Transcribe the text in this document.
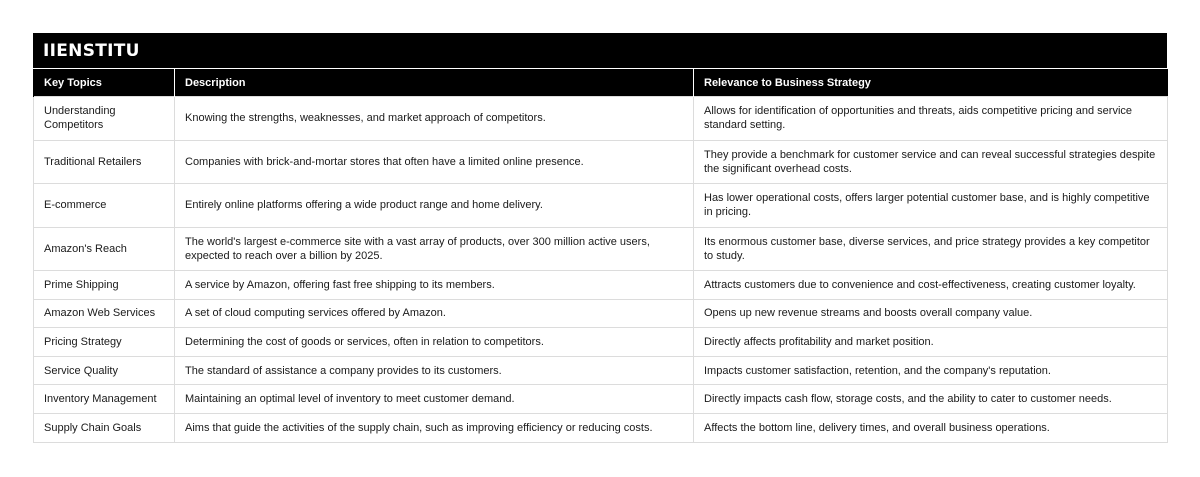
IIENSTITU
Key Topics	Description	Relevance to Business Strategy
Understanding Competitors	Knowing the strengths, weaknesses, and market approach of competitors.	Allows for identification of opportunities and threats, aids competitive pricing and service standard setting.
Traditional Retailers	Companies with brick-and-mortar stores that often have a limited online presence.	They provide a benchmark for customer service and can reveal successful strategies despite the significant overhead costs.
E-commerce	Entirely online platforms offering a wide product range and home delivery.	Has lower operational costs, offers larger potential customer base, and is highly competitive in pricing.
Amazon's Reach	The world's largest e-commerce site with a vast array of products, over 300 million active users, expected to reach over a billion by 2025.	Its enormous customer base, diverse services, and price strategy provides a key competitor to study.
Prime Shipping	A service by Amazon, offering fast free shipping to its members.	Attracts customers due to convenience and cost-effectiveness, creating customer loyalty.
Amazon Web Services	A set of cloud computing services offered by Amazon.	Opens up new revenue streams and boosts overall company value.
Pricing Strategy	Determining the cost of goods or services, often in relation to competitors.	Directly affects profitability and market position.
Service Quality	The standard of assistance a company provides to its customers.	Impacts customer satisfaction, retention, and the company's reputation.
Inventory Management	Maintaining an optimal level of inventory to meet customer demand.	Directly impacts cash flow, storage costs, and the ability to cater to customer needs.
Supply Chain Goals	Aims that guide the activities of the supply chain, such as improving efficiency or reducing costs.	Affects the bottom line, delivery times, and overall business operations.
